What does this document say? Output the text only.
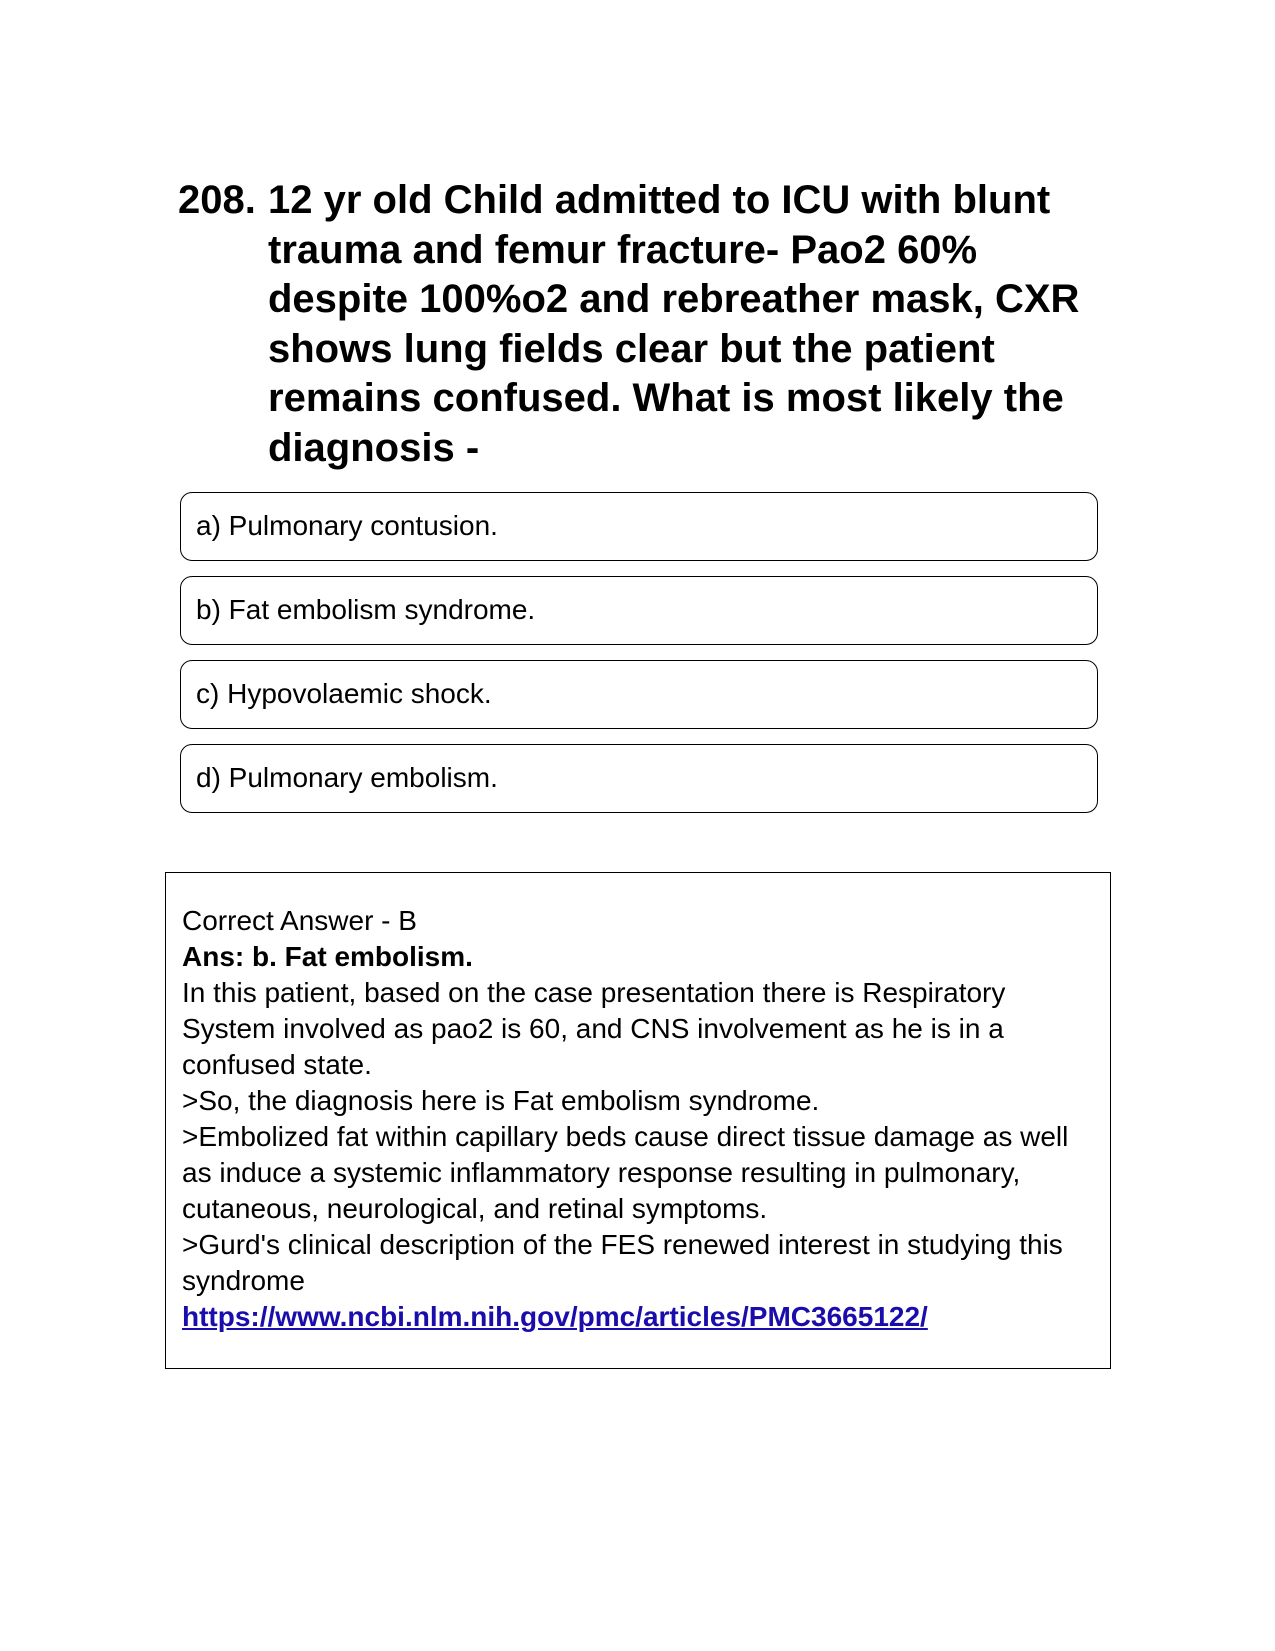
208. 12 yr old Child admitted to ICU with blunt trauma and femur fracture- Pao2 60% despite 100%o2 and rebreather mask, CXR shows lung fields clear but the patient remains confused. What is most likely the diagnosis -
a) Pulmonary contusion.
b) Fat embolism syndrome.
c) Hypovolaemic shock.
d) Pulmonary embolism.

Correct Answer - B

Ans: b. Fat embolism.

In this patient, based on the case presentation there is Respiratory System involved as pao2 is 60, and CNS involvement as he is in a confused state.

>So, the diagnosis here is Fat embolism syndrome.

>Embolized fat within capillary beds cause direct tissue damage as well as induce a systemic inflammatory response resulting in pulmonary, cutaneous, neurological, and retinal symptoms.

>Gurd's clinical description of the FES renewed interest in studying this syndrome

https://www.ncbi.nlm.nih.gov/pmc/articles/PMC3665122/
